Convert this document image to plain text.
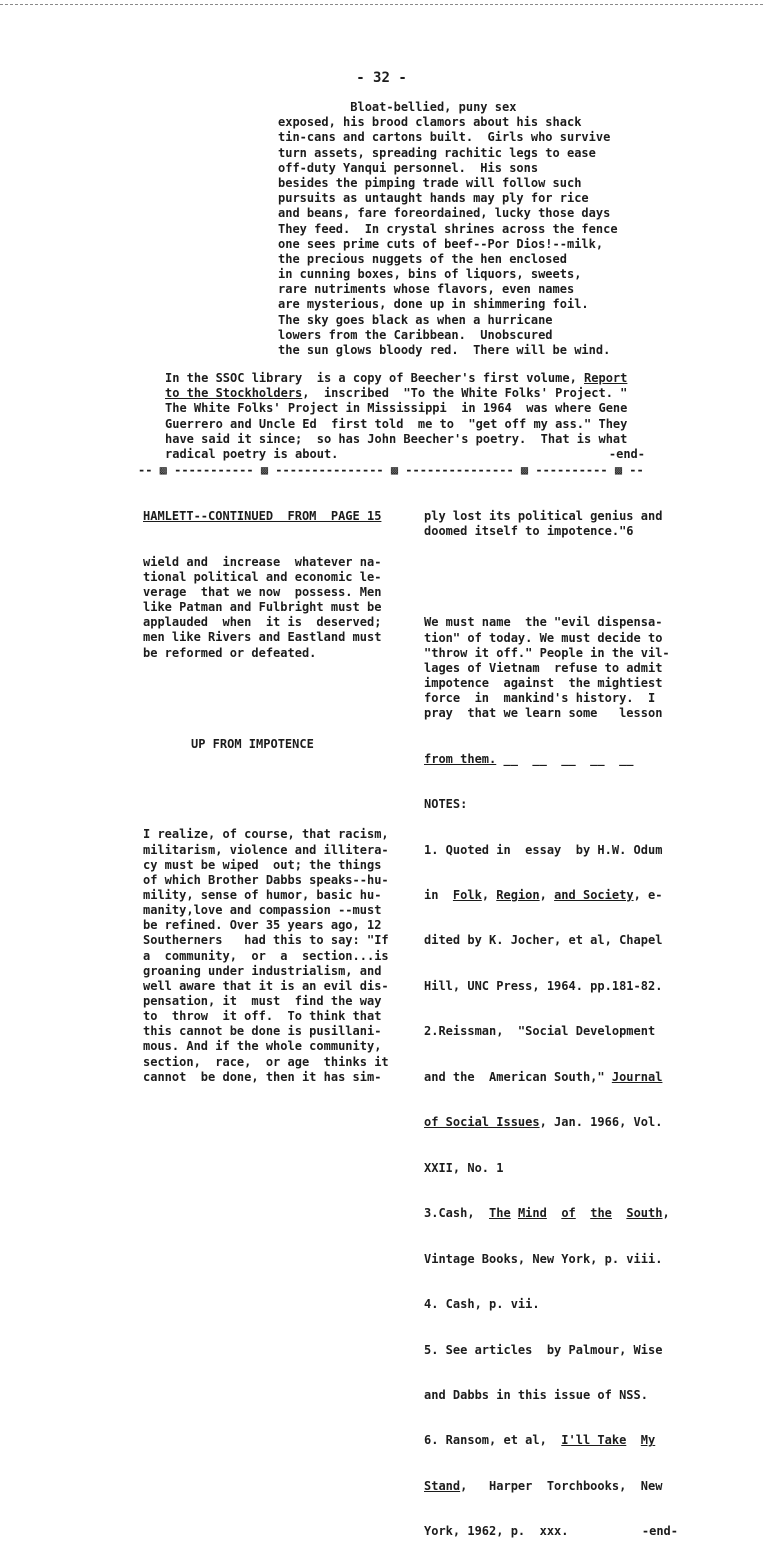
- 32 -
Bloat-bellied, puny sex
exposed, his brood clamors about his shack
tin-cans and cartons built.  Girls who survive
turn assets, spreading rachitic legs to ease
off-duty Yanqui personnel.  His sons
besides the pimping trade will follow such
pursuits as untaught hands may ply for rice
and beans, fare foreordained, lucky those days
They feed.  In crystal shrines across the fence
one sees prime cuts of beef--Por Dios!--milk,
the precious nuggets of the hen enclosed
in cunning boxes, bins of liquors, sweets,
rare nutriments whose flavors, even names
are mysterious, done up in shimmering foil.
The sky goes black as when a hurricane
lowers from the Caribbean.  Unobscured
the sun glows bloody red.  There will be wind.
In the SSOC library  is a copy of Beecher's first volume, Report
to the Stockholders,  inscribed  "To the White Folks' Project. "
The White Folks' Project in Mississippi  in 1964  was where Gene
Guerrero and Uncle Ed  first told  me to  "get off my ass." They
have said it since;  so has John Beecher's poetry.  That is what
radical poetry is about.	-end-
-- ▩ ----------- ▩ --------------- ▩ --------------- ▩ ---------- ▩ --

HAMLETT--CONTINUED  FROM  PAGE 15

wield and  increase  whatever na-
tional political and economic le-
verage  that we now  possess. Men
like Patman and Fulbright must be
applauded  when  it is  deserved;
men like Rivers and Eastland must
be reformed or defeated.

UP FROM IMPOTENCE

I realize, of course, that racism,
militarism, violence and illitera-
cy must be wiped  out; the things
of which Brother Dabbs speaks--hu-
mility, sense of humor, basic hu-
manity,love and compassion --must
be refined. Over 35 years ago, 12
Southerners   had this to say: "If
a  community,  or  a  section...is
groaning under industrialism, and
well aware that it is an evil dis-
pensation, it  must  find the way
to  throw  it off.  To think that
this cannot be done is pusillani-
mous. And if the whole community,
section,  race,  or age  thinks it
cannot  be done, then it has sim-

ply lost its political genius and
doomed itself to impotence."6

We must name  the "evil dispensa-
tion" of today. We must decide to
"throw it off." People in the vil-
lages of Vietnam  refuse to admit
impotence  against  the mightiest
force  in  mankind's history.  I
pray  that we learn some   lesson

from them. __  __  __  __  __

NOTES:

1. Quoted in  essay  by H.W. Odum

in  Folk, Region, and Society, e-

dited by K. Jocher, et al, Chapel

Hill, UNC Press, 1964. pp.181-82.

2.Reissman,  "Social Development

and the  American South," Journal

of Social Issues, Jan. 1966, Vol.

XXII, No. 1

3.Cash,  The Mind of the South,

Vintage Books, New York, p. viii.

4. Cash, p. vii.

5. See articles  by Palmour, Wise

and Dabbs in this issue of NSS.

6. Ransom, et al,  I'll Take My

Stand,   Harper  Torchbooks,  New

York, 1962, p.  xxx.	-end-
